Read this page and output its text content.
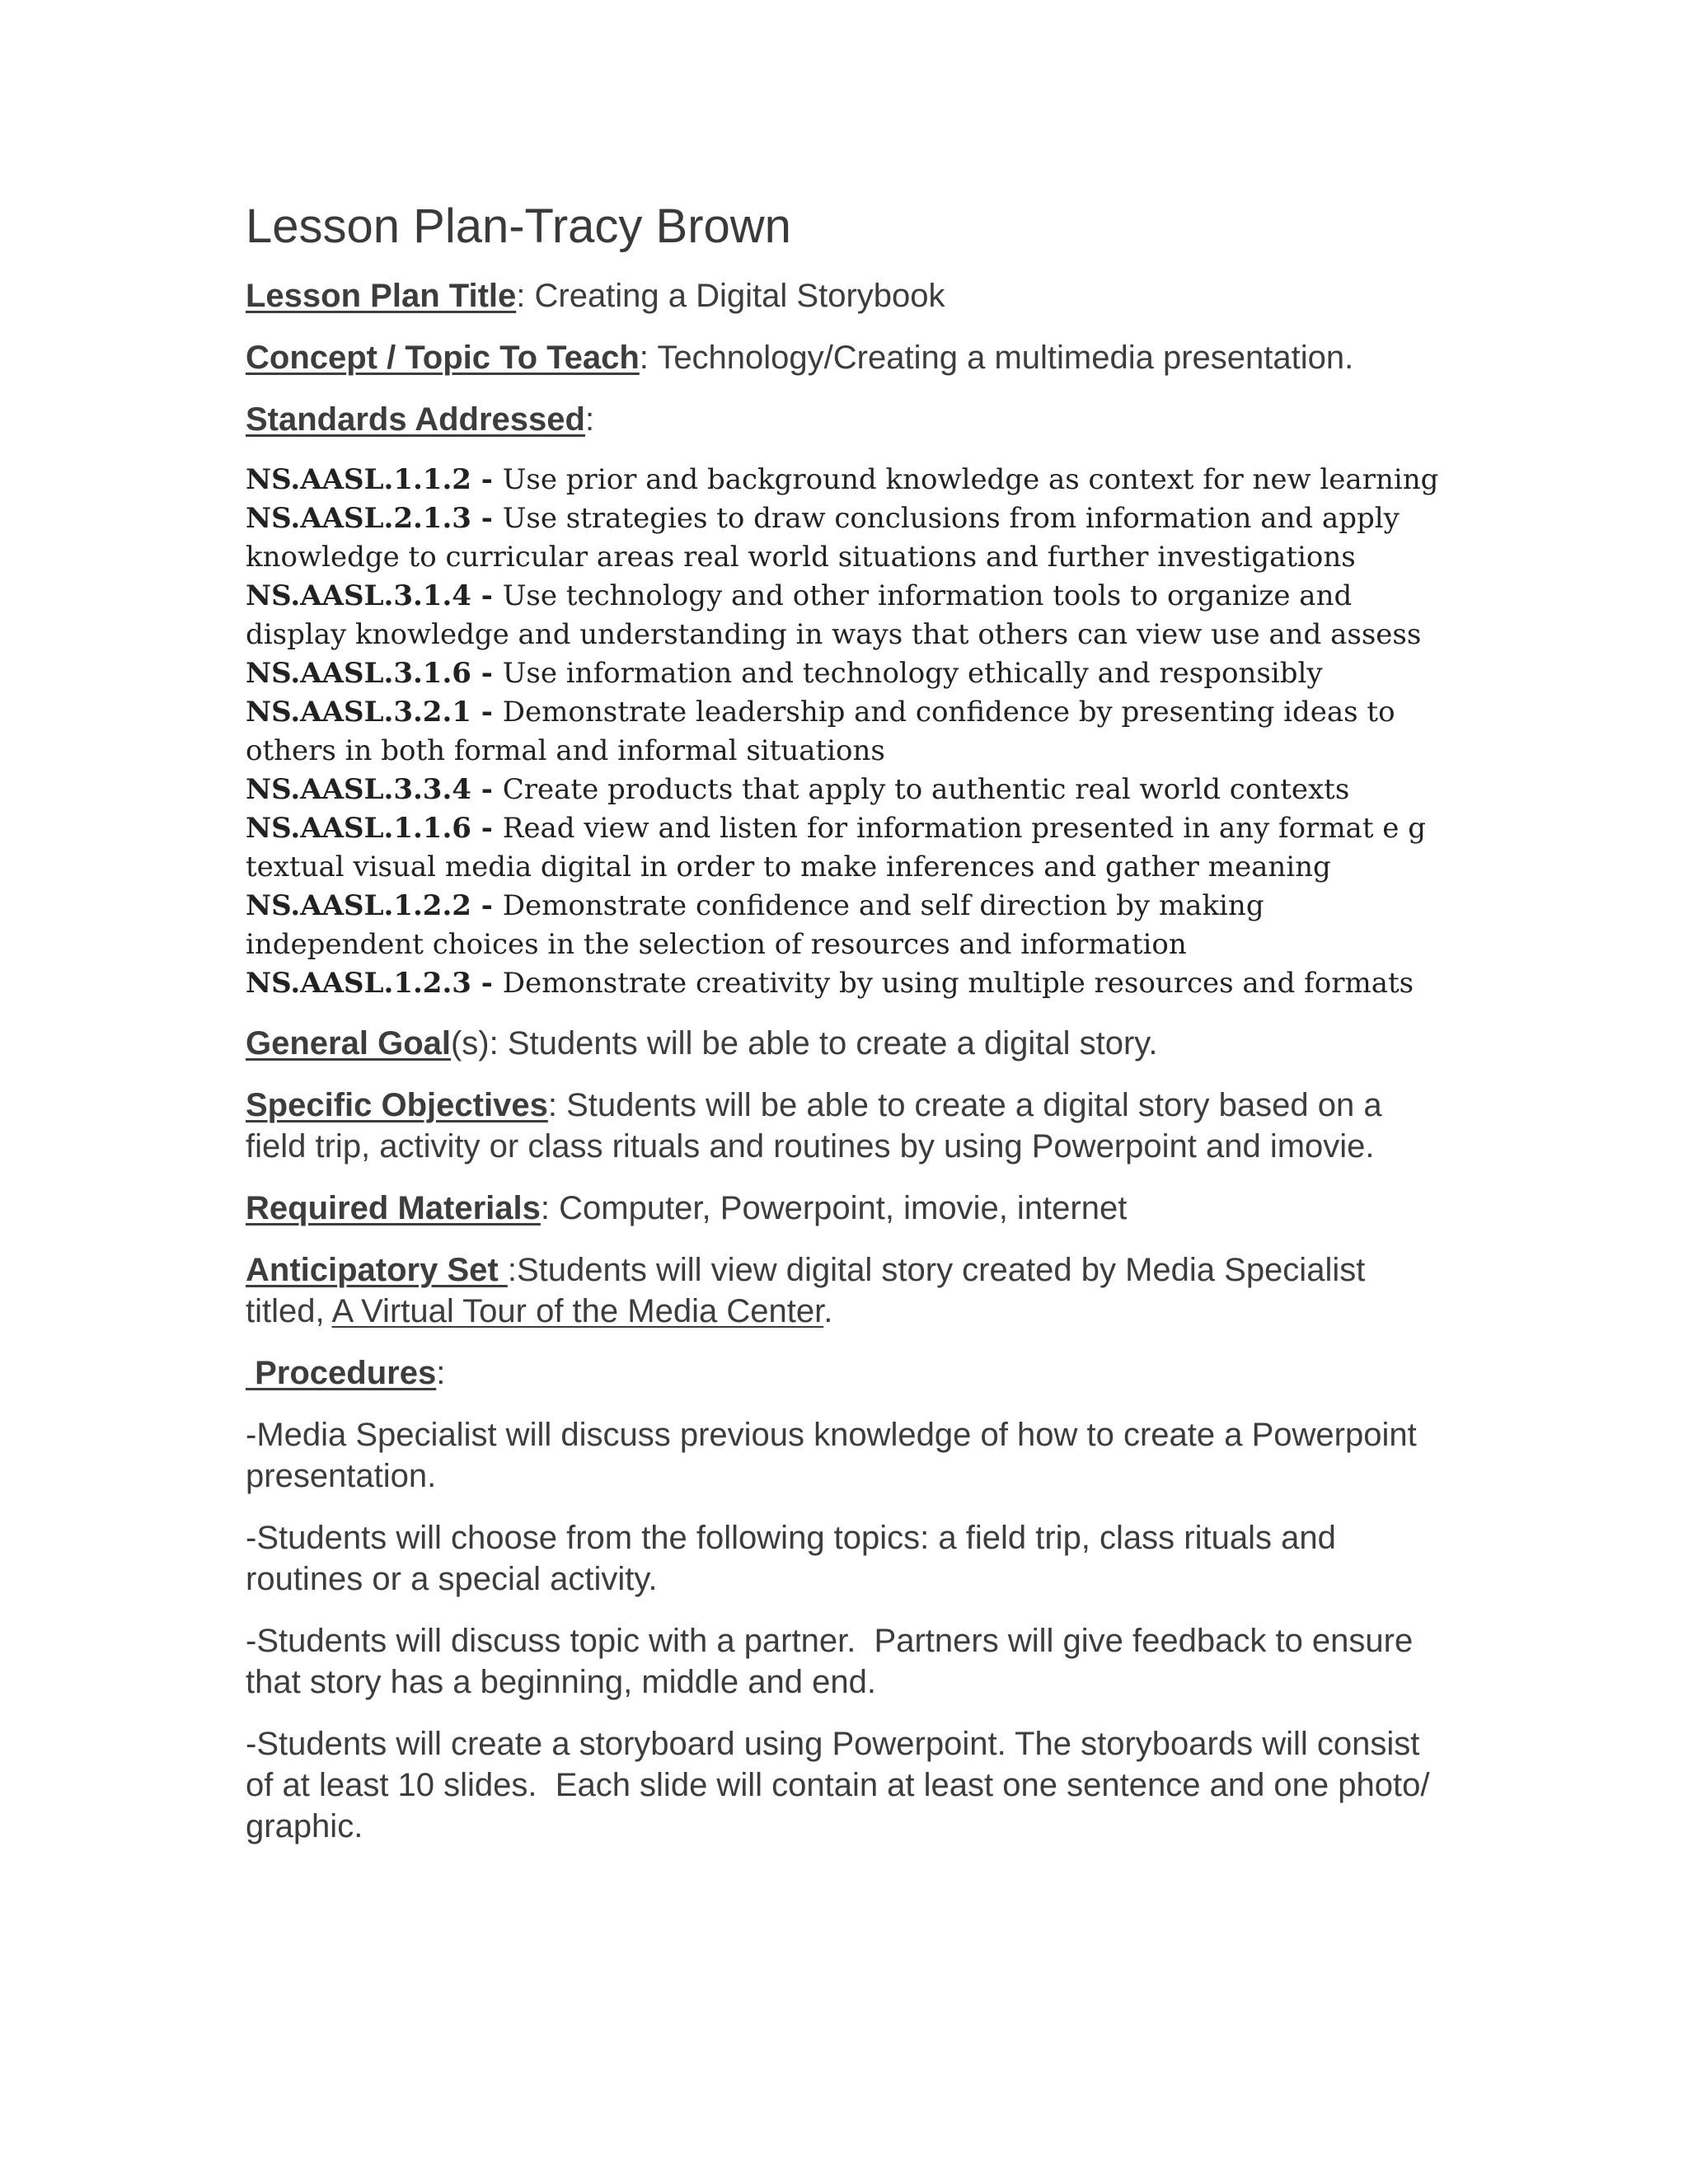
Lesson Plan-Tracy Brown

Lesson Plan Title: Creating a Digital Storybook

Concept / Topic To Teach: Technology/Creating a multimedia presentation.

Standards Addressed:

NS.AASL.1.1.2 - Use prior and background knowledge as context for new learning

NS.AASL.2.1.3 - Use strategies to draw conclusions from information and apply knowledge to curricular areas real world situations and further investigations

NS.AASL.3.1.4 - Use technology and other information tools to organize and display knowledge and understanding in ways that others can view use and assess

NS.AASL.3.1.6 - Use information and technology ethically and responsibly

NS.AASL.3.2.1 - Demonstrate leadership and confidence by presenting ideas to others in both formal and informal situations

NS.AASL.3.3.4 - Create products that apply to authentic real world contexts

NS.AASL.1.1.6 - Read view and listen for information presented in any format e g textual visual media digital in order to make inferences and gather meaning

NS.AASL.1.2.2 - Demonstrate confidence and self direction by making independent choices in the selection of resources and information

NS.AASL.1.2.3 - Demonstrate creativity by using multiple resources and formats

General Goal(s): Students will be able to create a digital story.

Specific Objectives: Students will be able to create a digital story based on a field trip, activity or class rituals and routines by using Powerpoint and imovie.

Required Materials: Computer, Powerpoint, imovie, internet

Anticipatory Set :Students will view digital story created by Media Specialist titled, A Virtual Tour of the Media Center.

Procedures:

-Media Specialist will discuss previous knowledge of how to create a Powerpoint presentation.

-Students will choose from the following topics: a field trip, class rituals and routines or a special activity.

-Students will discuss topic with a partner.  Partners will give feedback to ensure that story has a beginning, middle and end.

-Students will create a storyboard using Powerpoint. The storyboards will consist of at least 10 slides.  Each slide will contain at least one sentence and one photo/ graphic.
